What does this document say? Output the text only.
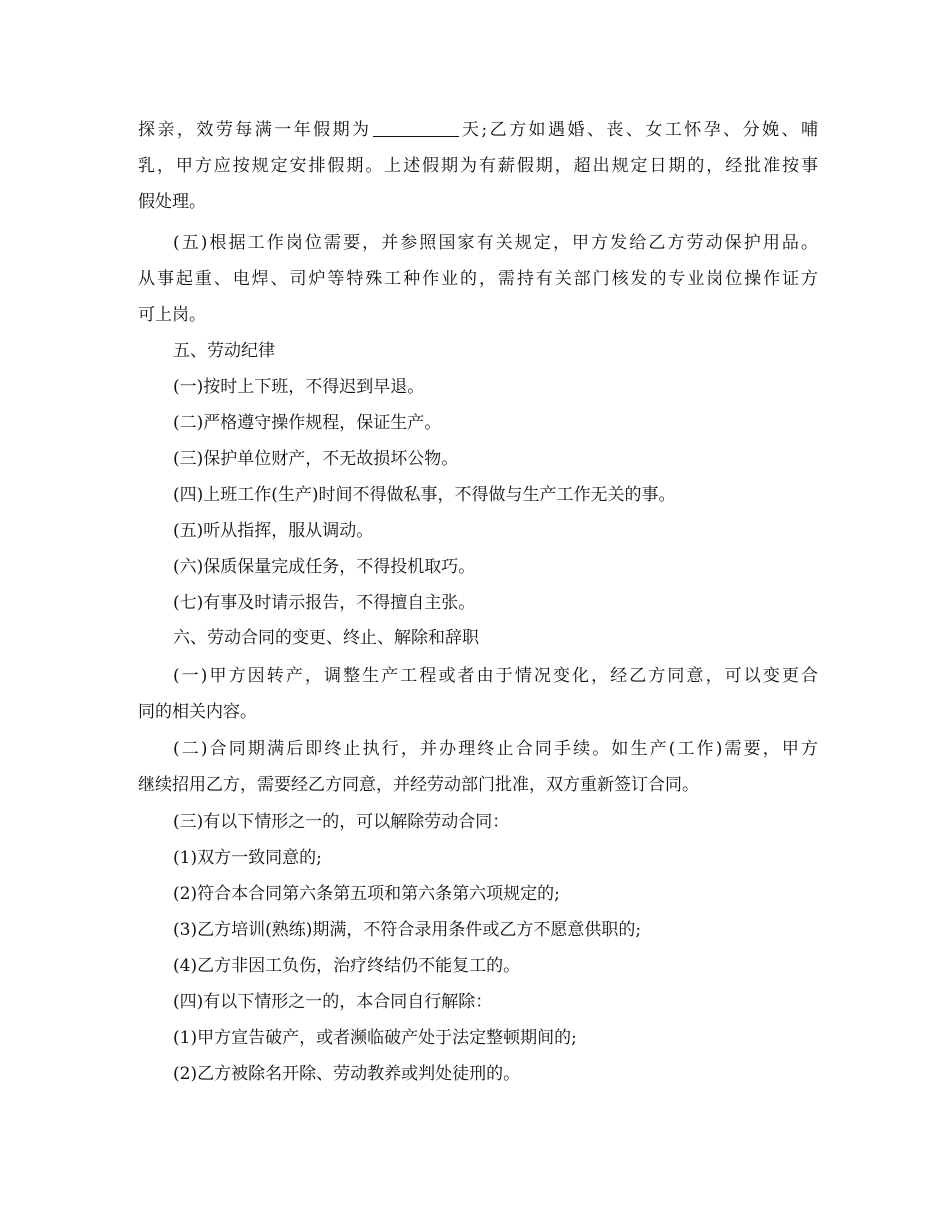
探亲，效劳每满一年假期为	天;乙方如遇婚、丧、女工怀孕、分娩、哺
乳，甲方应按规定安排假期。上述假期为有薪假期，超出规定日期的，经批准按事
假处理。

(五)根据工作岗位需要，并参照国家有关规定，甲方发给乙方劳动保护用品。
从事起重、电焊、司炉等特殊工种作业的，需持有关部门核发的专业岗位操作证方
可上岗。

五、劳动纪律

(一)按时上下班，不得迟到早退。
(二)严格遵守操作规程，保证生产。
(三)保护单位财产，不无故损坏公物。
(四)上班工作(生产)时间不得做私事，不得做与生产工作无关的事。
(五)听从指挥，服从调动。
(六)保质保量完成任务，不得投机取巧。
(七)有事及时请示报告，不得擅自主张。

六、劳动合同的变更、终止、解除和辞职

(一)甲方因转产，调整生产工程或者由于情况变化，经乙方同意，可以变更合
同的相关内容。

(二)合同期满后即终止执行，并办理终止合同手续。如生产(工作)需要，甲方
继续招用乙方，需要经乙方同意，并经劳动部门批准，双方重新签订合同。

(三)有以下情形之一的，可以解除劳动合同：
(1)双方一致同意的;
(2)符合本合同第六条第五项和第六条第六项规定的;
(3)乙方培训(熟练)期满，不符合录用条件或乙方不愿意供职的;
(4)乙方非因工负伤，治疗终结仍不能复工的。

(四)有以下情形之一的，本合同自行解除：
(1)甲方宣告破产，或者濒临破产处于法定整顿期间的;
(2)乙方被除名开除、劳动教养或判处徒刑的。
